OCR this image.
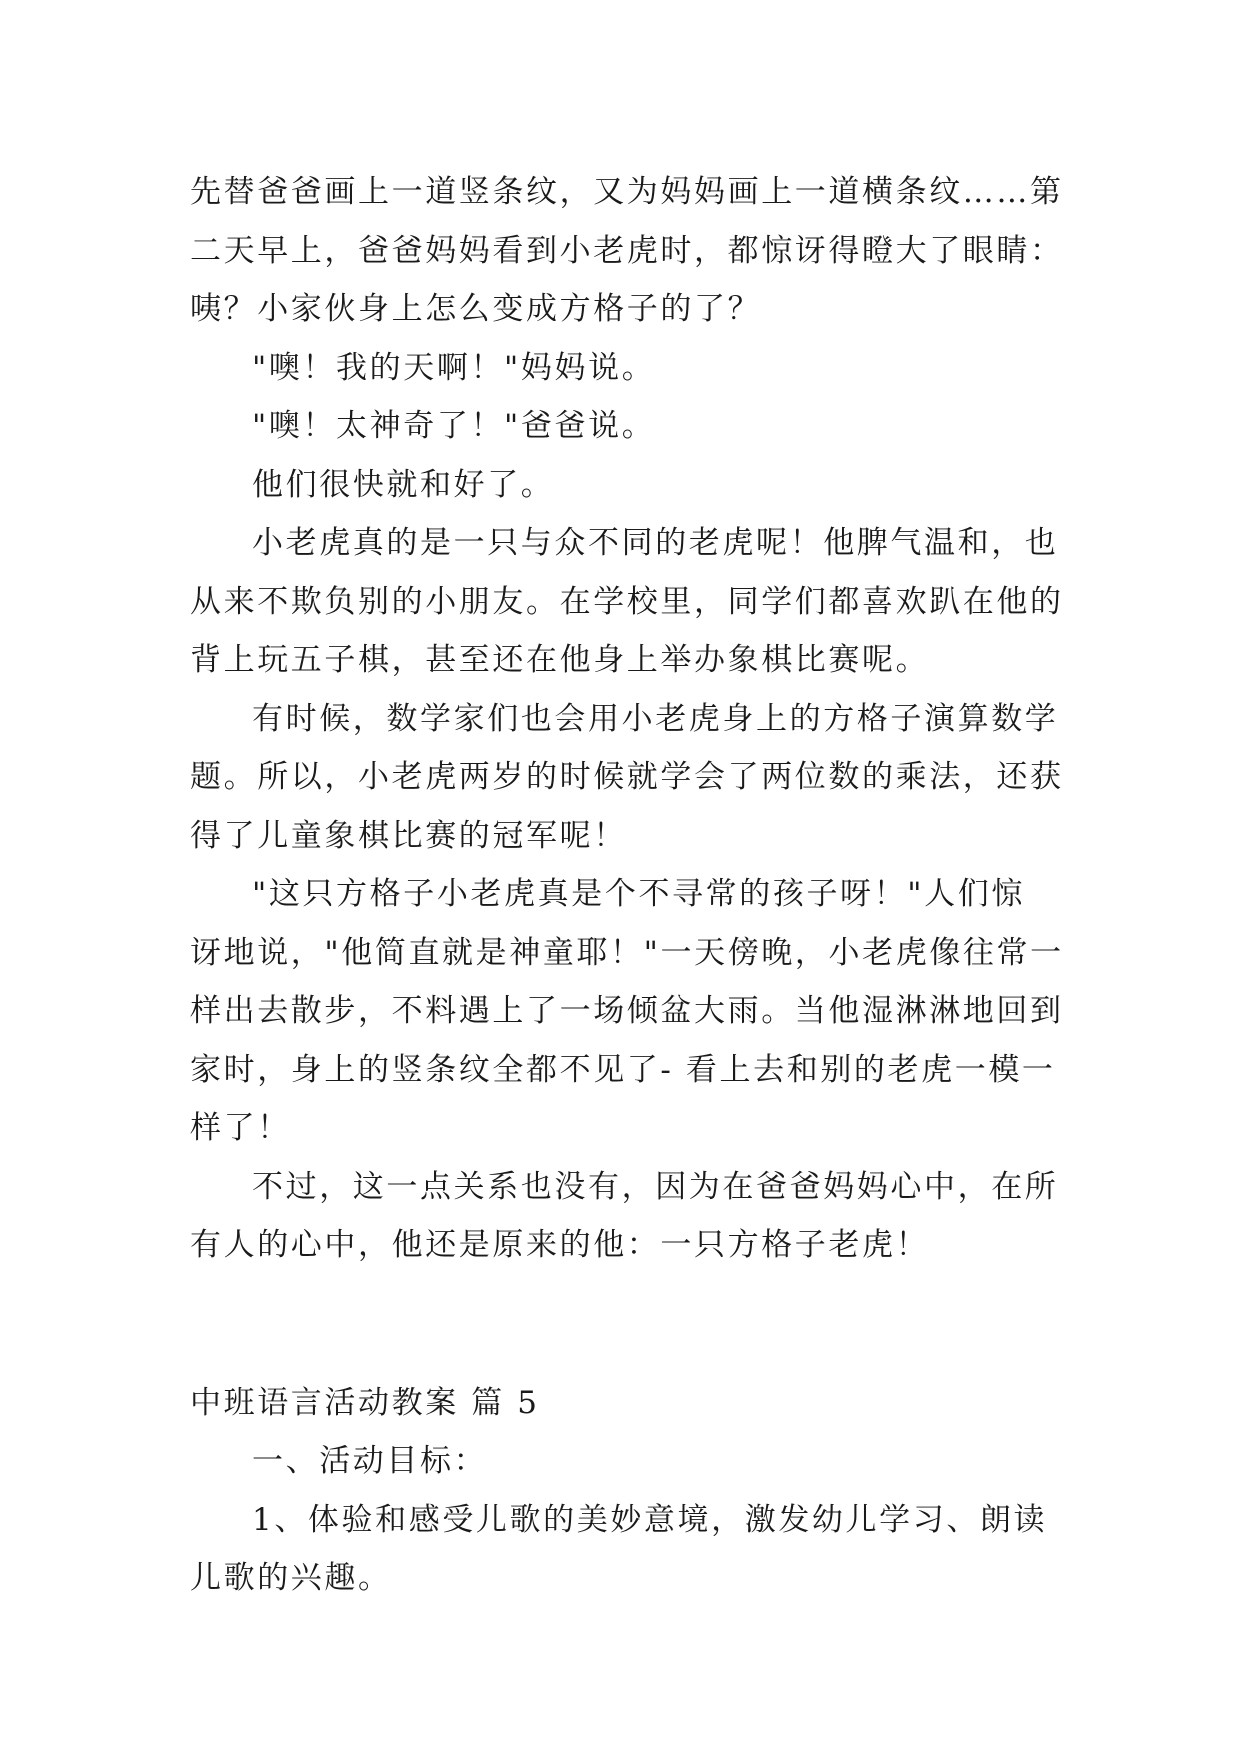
先替爸爸画上一道竖条纹，又为妈妈画上一道横条纹……第
二天早上，爸爸妈妈看到小老虎时，都惊讶得瞪大了眼睛：
咦？小家伙身上怎么变成方格子的了？
"噢！我的天啊！"妈妈说。
"噢！太神奇了！"爸爸说。
他们很快就和好了。
小老虎真的是一只与众不同的老虎呢！他脾气温和，也
从来不欺负别的小朋友。在学校里，同学们都喜欢趴在他的
背上玩五子棋，甚至还在他身上举办象棋比赛呢。
有时候，数学家们也会用小老虎身上的方格子演算数学
题。所以，小老虎两岁的时候就学会了两位数的乘法，还获
得了儿童象棋比赛的冠军呢！
"这只方格子小老虎真是个不寻常的孩子呀！"人们惊
讶地说，"他简直就是神童耶！"一天傍晚，小老虎像往常一
样出去散步，不料遇上了一场倾盆大雨。当他湿淋淋地回到
家时，身上的竖条纹全都不见了- 看上去和别的老虎一模一
样了！
不过，这一点关系也没有，因为在爸爸妈妈心中，在所
有人的心中，他还是原来的他：一只方格子老虎！
中班语言活动教案 篇 5
一、活动目标：
1、体验和感受儿歌的美妙意境，激发幼儿学习、朗读
儿歌的兴趣。
